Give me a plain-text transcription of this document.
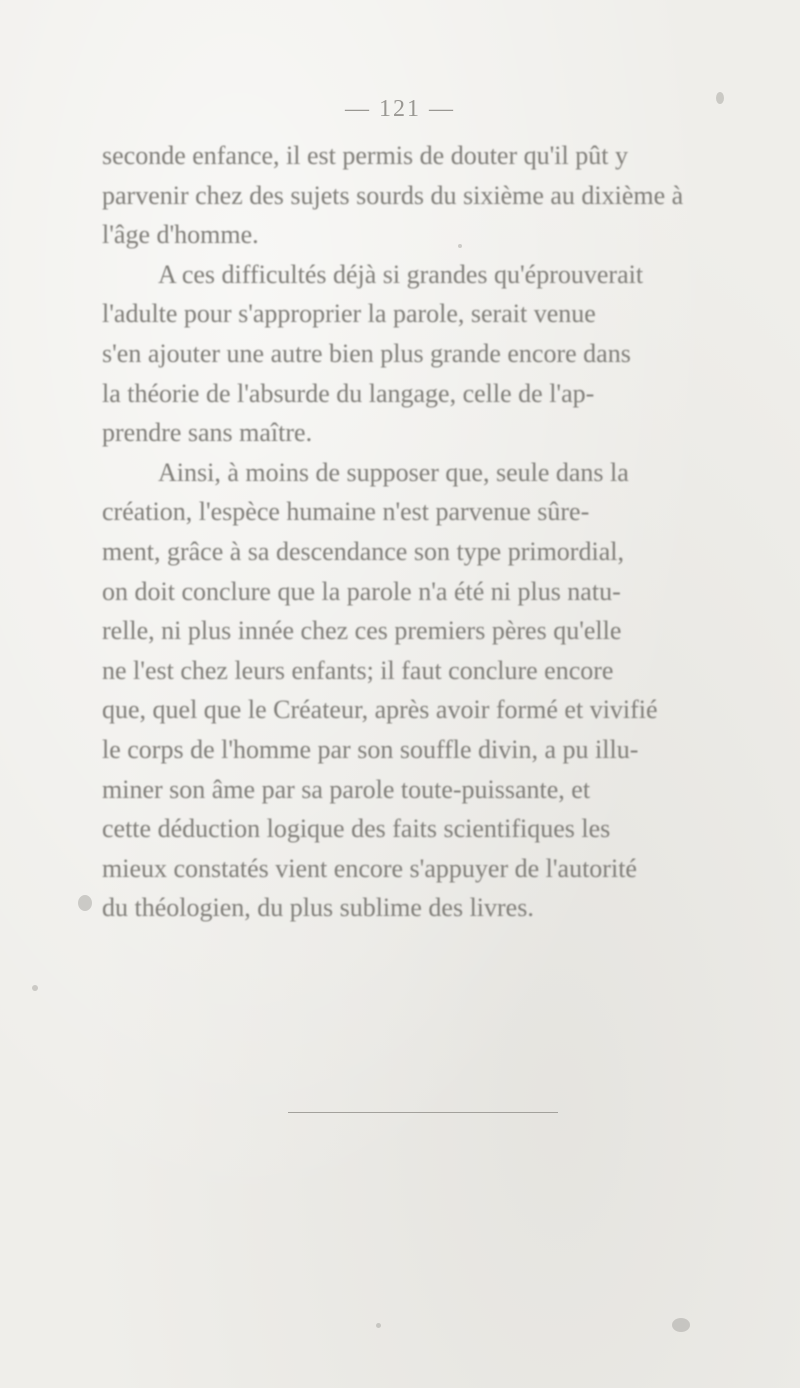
— 121 —
seconde enfance, il est permis de douter qu'il pût y
parvenir chez des sujets sourds du sixième au dixième à
l'âge d'homme.
A ces difficultés déjà si grandes qu'éprouverait
l'adulte pour s'approprier la parole, serait venue
s'en ajouter une autre bien plus grande encore dans
la théorie de l'absurde du langage, celle de l'ap-
prendre sans maître.
Ainsi, à moins de supposer que, seule dans la
création, l'espèce humaine n'est parvenue sûre-
ment, grâce à sa descendance son type primordial,
on doit conclure que la parole n'a été ni plus natu-
relle, ni plus innée chez ces premiers pères qu'elle
ne l'est chez leurs enfants; il faut conclure encore
que, quel que le Créateur, après avoir formé et vivifié
le corps de l'homme par son souffle divin, a pu illu-
miner son âme par sa parole toute-puissante, et
cette déduction logique des faits scientifiques les
mieux constatés vient encore s'appuyer de l'autorité
du théologien, du plus sublime des livres.
